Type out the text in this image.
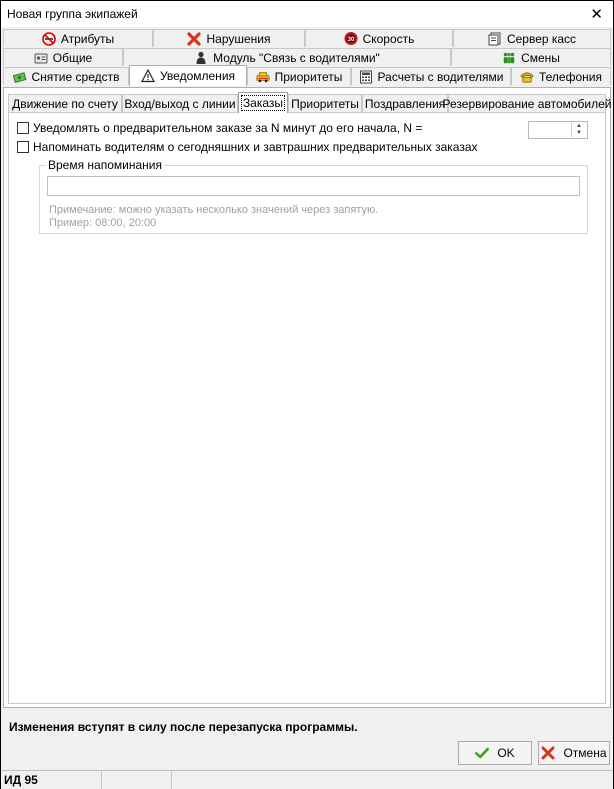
Новая группа экипажей	✕
Атрибуты	Нарушения	30 Скорость	Сервер касс
Общие	Модуль "Связь с водителями"	Смены
Снятие средств	Уведомления	Приоритеты	Расчеты с водителями	Телефония
Движение по счету Вход/выход с линии Заказы Приоритеты Поздравления
Резервирование автомобилей
Уведомлять о предварительном заказе за N минут до его начала, N =	▲
▼
Напоминать водителям о сегодняшних и завтрашних предварительных заказах
Время напоминания
Примечание: можно указать несколько значений через запятую.
Пример: 08:00, 20:00
Изменения вступят в силу после перезапуска программы.
OK	Отмена
ИД 95
